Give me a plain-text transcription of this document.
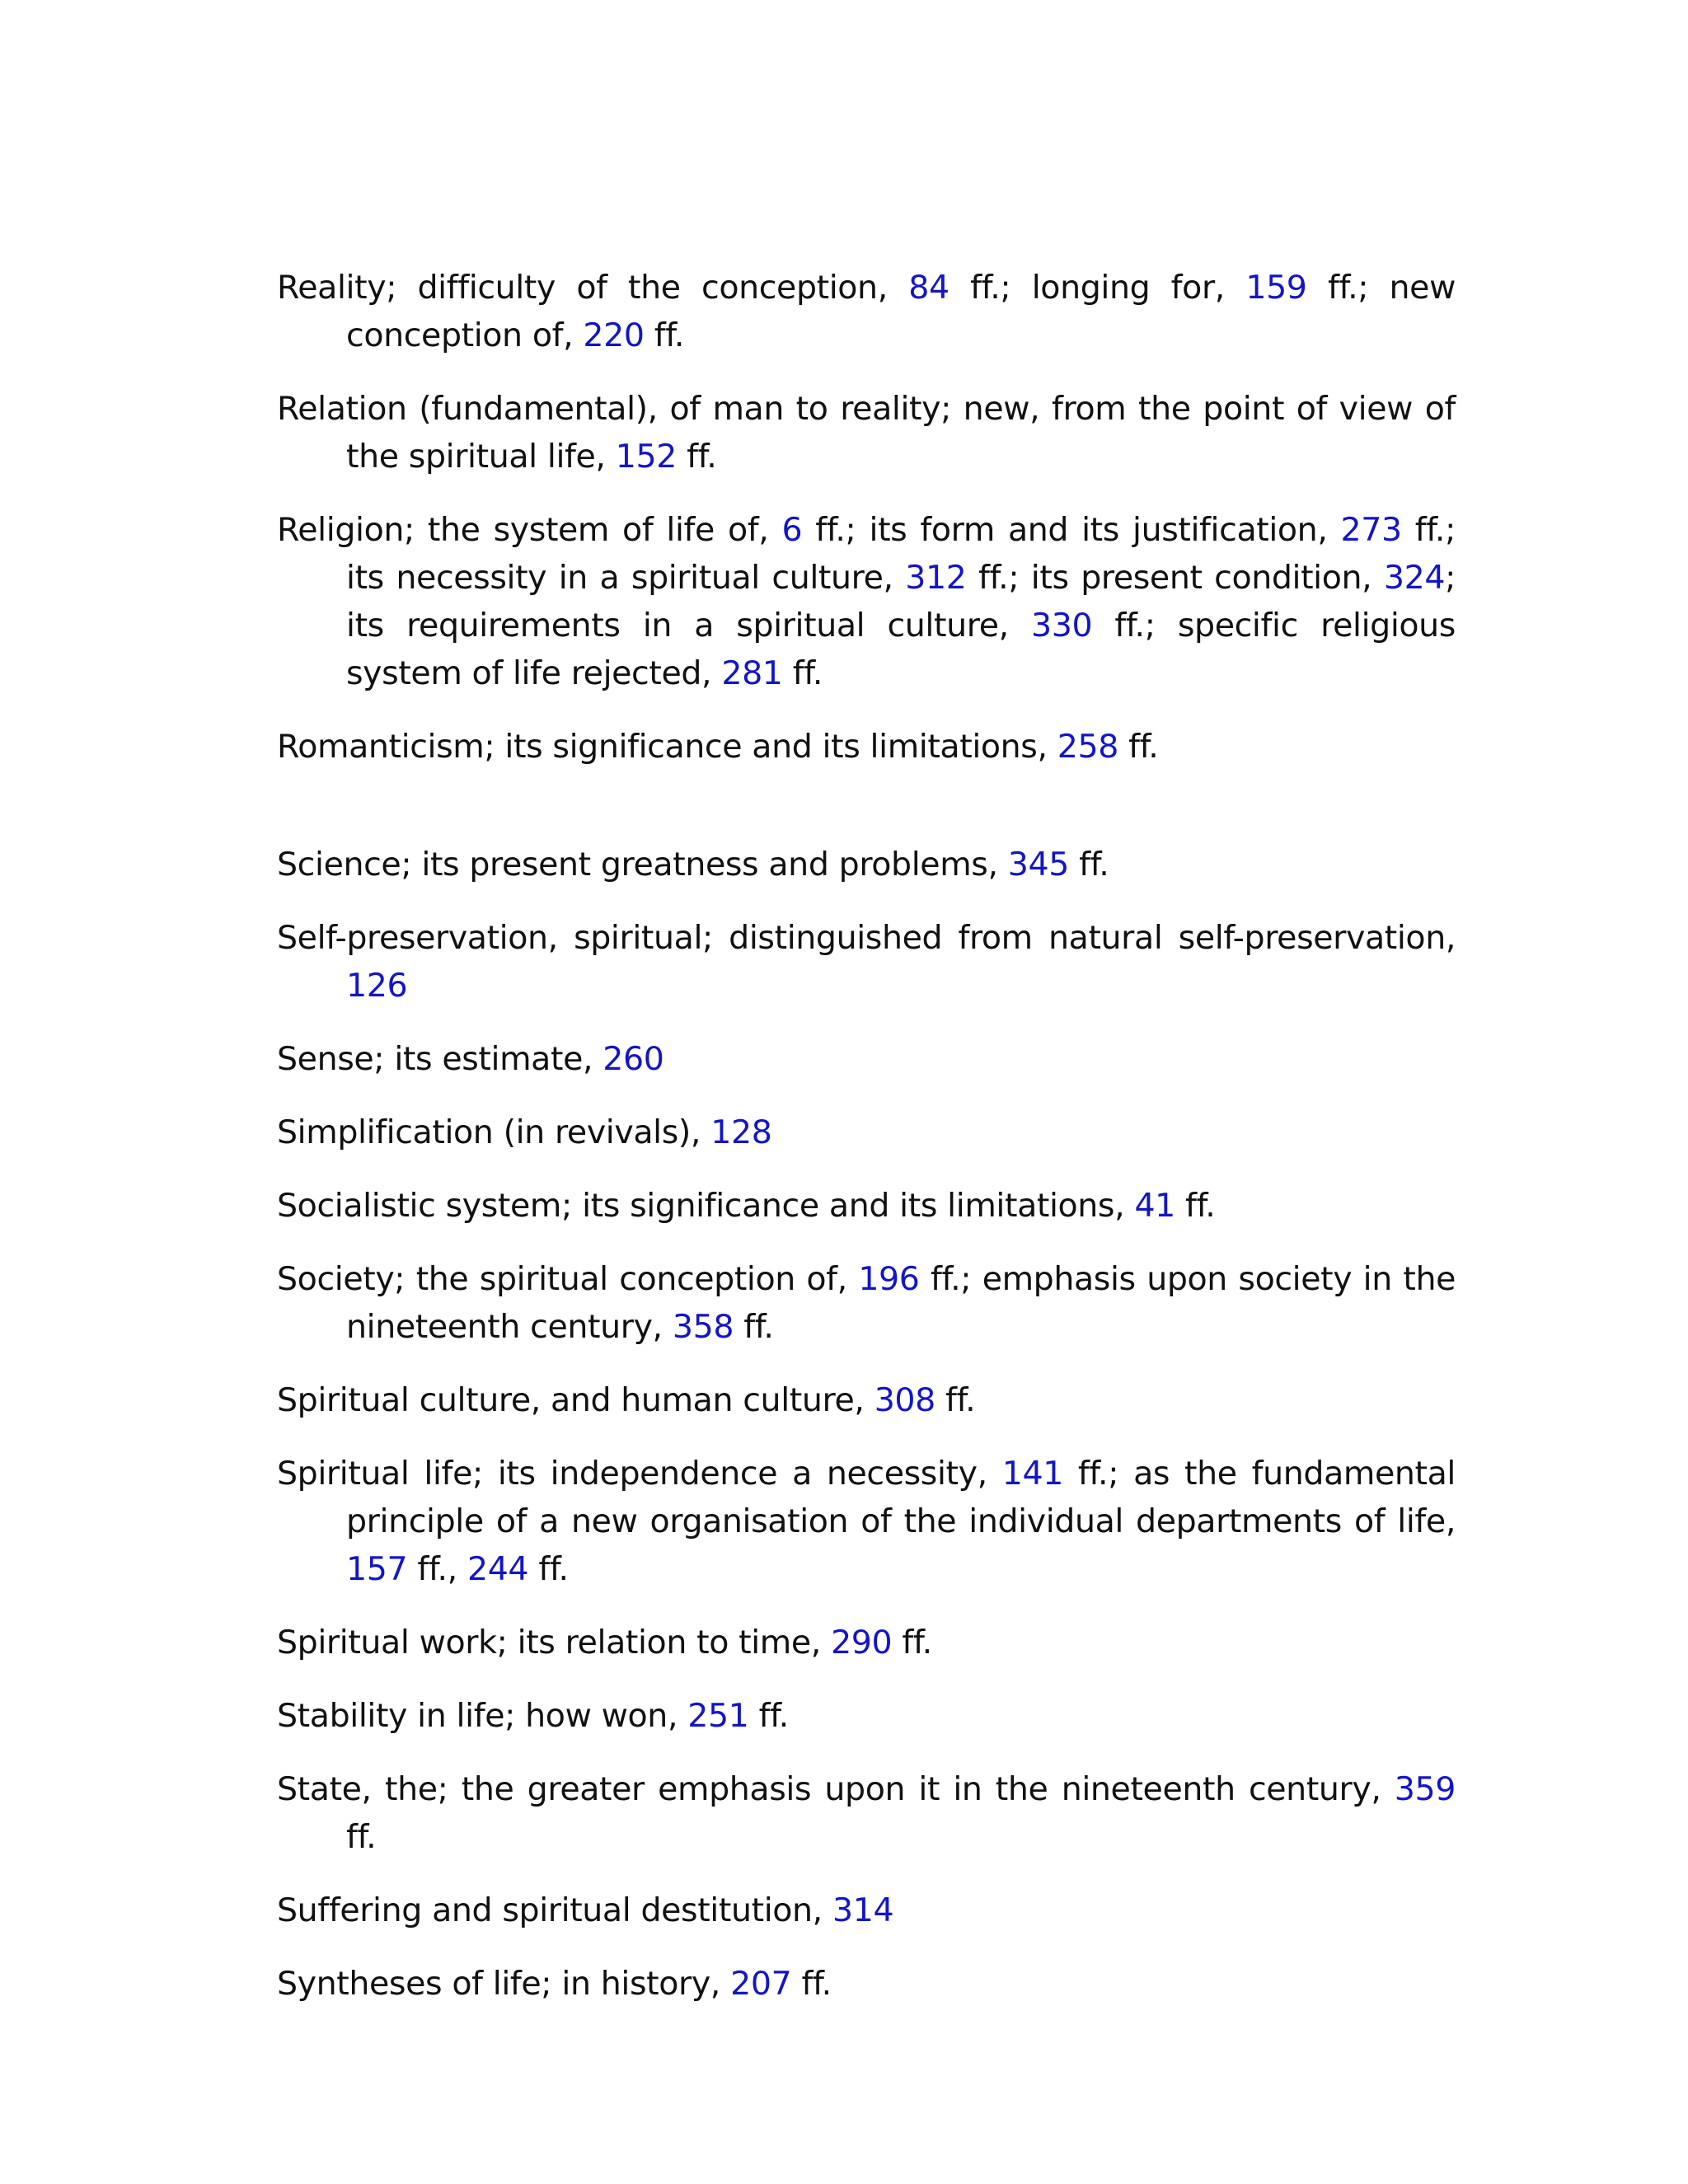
Reality; difficulty of the conception, 84 ff.; longing for, 159 ff.; new conception of, 220 ff.

Relation (fundamental), of man to reality; new, from the point of view of the spiritual life, 152 ff.

Religion; the system of life of, 6 ff.; its form and its justification, 273 ff.; its necessity in a spiritual culture, 312 ff.; its present condition, 324; its requirements in a spiritual culture, 330 ff.; specific religious system of life rejected, 281 ff.

Romanticism; its significance and its limitations, 258 ff.

Science; its present greatness and problems, 345 ff.

Self-preservation, spiritual; distinguished from natural self-preservation, 126

Sense; its estimate, 260

Simplification (in revivals), 128

Socialistic system; its significance and its limitations, 41 ff.

Society; the spiritual conception of, 196 ff.; emphasis upon society in the nineteenth century, 358 ff.

Spiritual culture, and human culture, 308 ff.

Spiritual life; its independence a necessity, 141 ff.; as the fundamental principle of a new organisation of the individual departments of life, 157 ff., 244 ff.

Spiritual work; its relation to time, 290 ff.

Stability in life; how won, 251 ff.

State, the; the greater emphasis upon it in the nineteenth century, 359 ff.

Suffering and spiritual destitution, 314

Syntheses of life; in history, 207 ff.
